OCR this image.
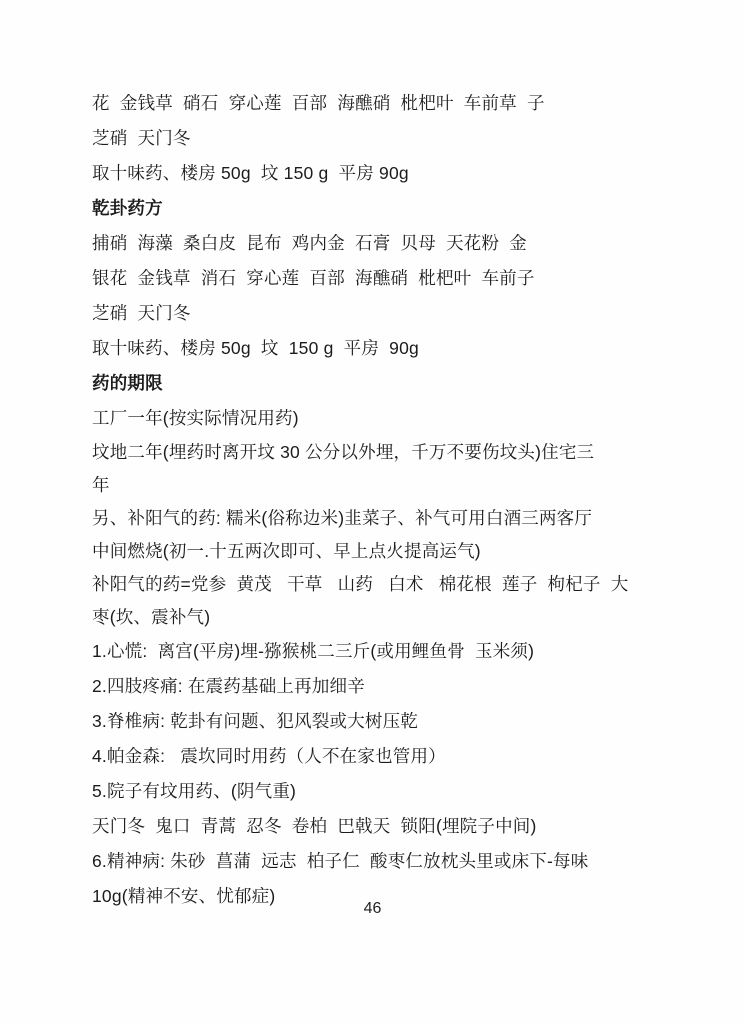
花  金钱草  硝石  穿心莲  百部  海醮硝  枇杷叶  车前草  子
芝硝  天门冬
取十味药、楼房 50g  坟 150 g  平房 90g
乾卦药方
捕硝  海藻  桑白皮  昆布  鸡内金  石膏  贝母  天花粉  金
银花  金钱草  消石  穿心莲  百部  海醮硝  枇杷叶  车前子
芝硝  天门冬
取十味药、楼房 50g  坟  150 g  平房  90g
药的期限
工厂一年(按实际情况用药)
坟地二年(埋药时离开坟 30 公分以外埋，千万不要伤坟头)住宅三
年
另、补阳气的药: 糯米(俗称边米)韭菜子、补气可用白酒三两客厅
中间燃烧(初一.十五两次即可、早上点火提高运气)
补阳气的药=党参  黄茂   干草   山药   白术   棉花根  莲子  枸杞子  大
枣(坎、震补气)
1.心慌:  离宫(平房)埋-猕猴桃二三斤(或用鲤鱼骨  玉米须)
2.四肢疼痛: 在震药基础上再加细辛
3.脊椎病: 乾卦有问题、犯风裂或大树压乾
4.帕金森:   震坎同时用药（人不在家也管用）
5.院子有坟用药、(阴气重)
天门冬  鬼口  青蒿  忍冬  卷柏  巴戟天  锁阳(埋院子中间)
6.精神病: 朱砂  菖蒲  远志  柏子仁  酸枣仁放枕头里或床下-每味
10g(精神不安、忧郁症)
46
